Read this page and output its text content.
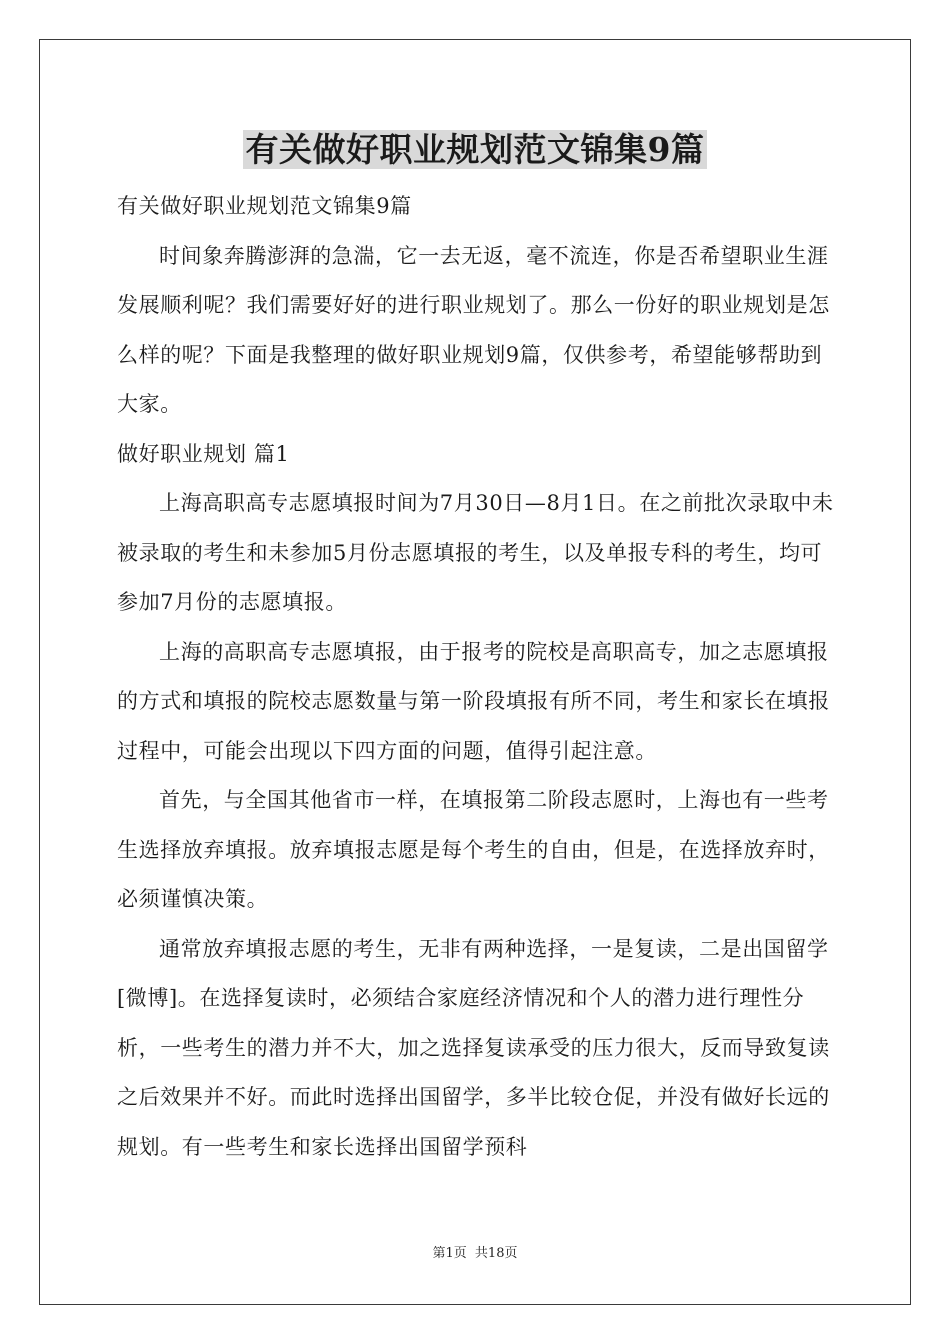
有关做好职业规划范文锦集9篇

有关做好职业规划范文锦集9篇

时间象奔腾澎湃的急湍，它一去无返，毫不流连，你是否希望职业生涯发展顺利呢？我们需要好好的进行职业规划了。那么一份好的职业规划是怎么样的呢？下面是我整理的做好职业规划9篇，仅供参考，希望能够帮助到大家。

做好职业规划 篇1

上海高职高专志愿填报时间为7月30日—8月1日。在之前批次录取中未被录取的考生和未参加5月份志愿填报的考生，以及单报专科的考生，均可参加7月份的志愿填报。

上海的高职高专志愿填报，由于报考的院校是高职高专，加之志愿填报的方式和填报的院校志愿数量与第一阶段填报有所不同，考生和家长在填报过程中，可能会出现以下四方面的问题，值得引起注意。

首先，与全国其他省市一样，在填报第二阶段志愿时，上海也有一些考生选择放弃填报。放弃填报志愿是每个考生的自由，但是，在选择放弃时，必须谨慎决策。

通常放弃填报志愿的考生，无非有两种选择，一是复读，二是出国留学[微博]。在选择复读时，必须结合家庭经济情况和个人的潜力进行理性分析，一些考生的潜力并不大，加之选择复读承受的压力很大，反而导致复读之后效果并不好。而此时选择出国留学，多半比较仓促，并没有做好长远的规划。有一些考生和家长选择出国留学预科

第1页 共18页
